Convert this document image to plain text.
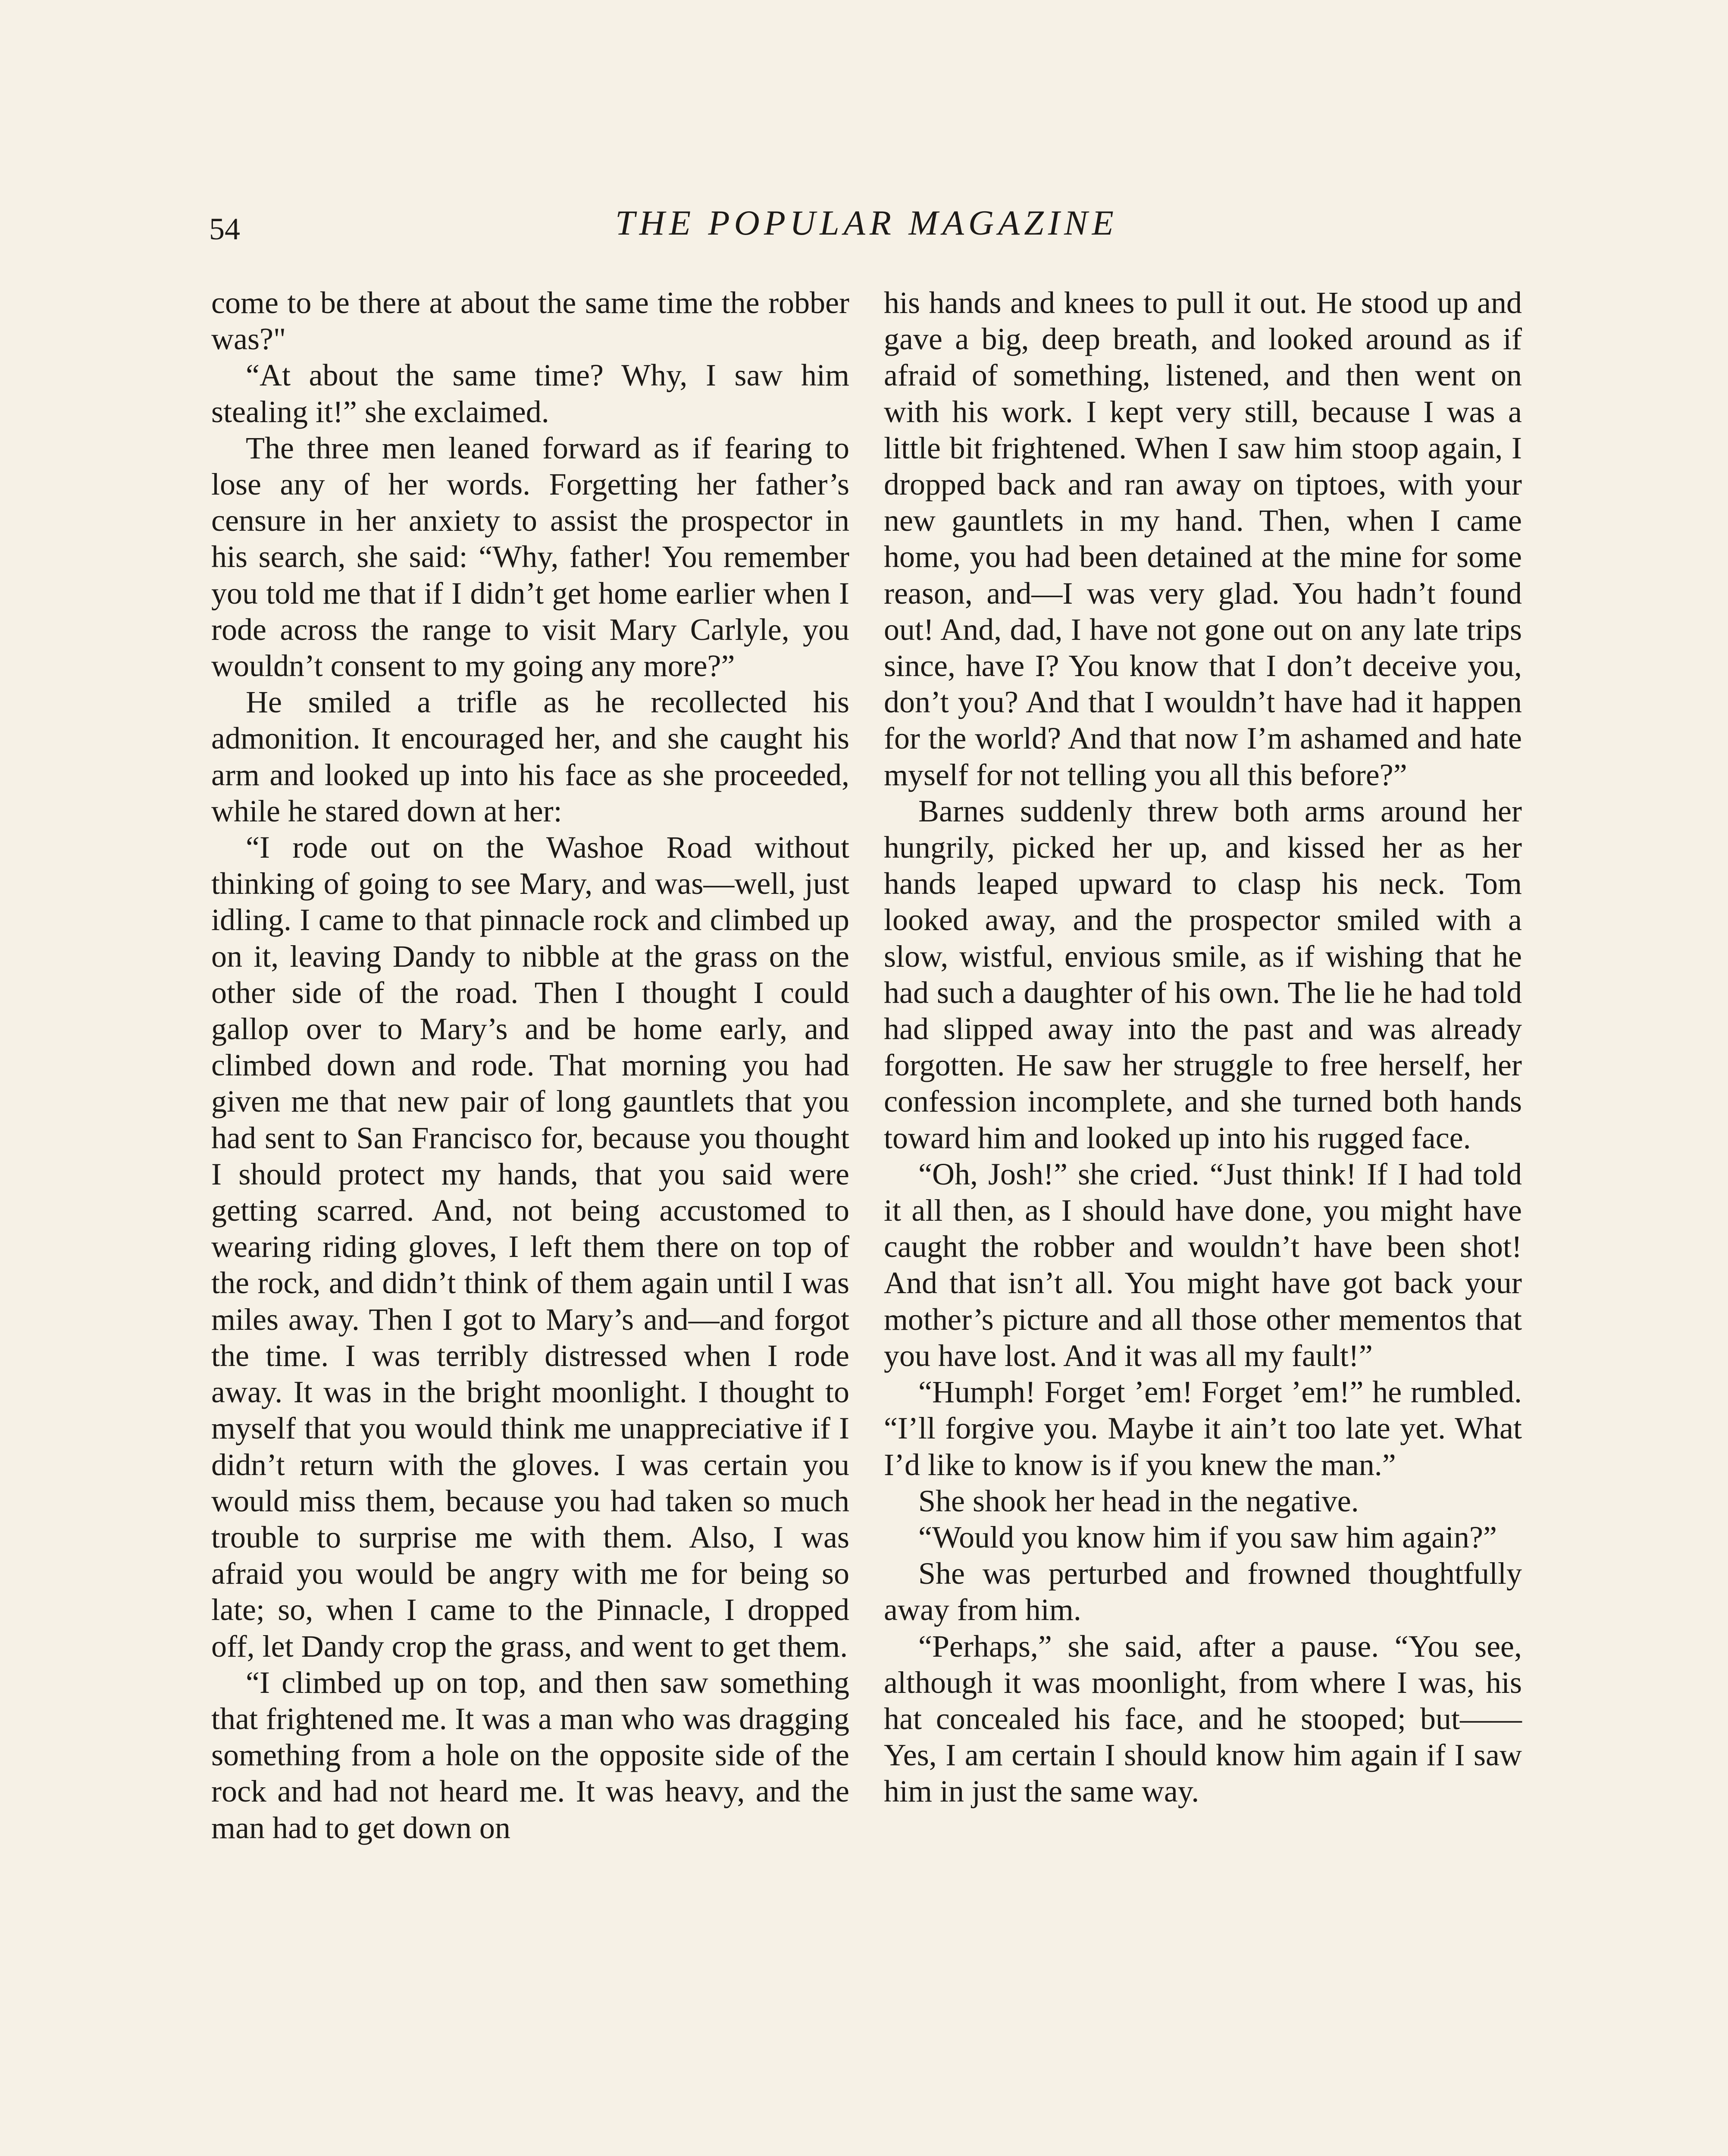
54	THE POPULAR MAGAZINE

come to be there at about the same time the robber was?"

“At about the same time? Why, I saw him stealing it!” she exclaimed.

The three men leaned forward as if fearing to lose any of her words. Forgetting her father’s censure in her anxiety to assist the prospector in his search, she said: “Why, father! You remember you told me that if I didn’t get home earlier when I rode across the range to visit Mary Carlyle, you wouldn’t consent to my going any more?”

He smiled a trifle as he recollected his admonition. It encouraged her, and she caught his arm and looked up into his face as she proceeded, while he stared down at her:

“I rode out on the Washoe Road without thinking of going to see Mary, and was—well, just idling. I came to that pinnacle rock and climbed up on it, leaving Dandy to nibble at the grass on the other side of the road. Then I thought I could gallop over to Mary’s and be home early, and climbed down and rode. That morning you had given me that new pair of long gauntlets that you had sent to San Francisco for, because you thought I should protect my hands, that you said were getting scarred. And, not being accustomed to wearing riding gloves, I left them there on top of the rock, and didn’t think of them again until I was miles away. Then I got to Mary’s and—and forgot the time. I was terribly distressed when I rode away. It was in the bright moonlight. I thought to myself that you would think me unappreciative if I didn’t return with the gloves. I was certain you would miss them, because you had taken so much trouble to surprise me with them. Also, I was afraid you would be angry with me for being so late; so, when I came to the Pinnacle, I dropped off, let Dandy crop the grass, and went to get them.

“I climbed up on top, and then saw something that frightened me. It was a man who was dragging something from a hole on the opposite side of the rock and had not heard me. It was heavy, and the man had to get down on

his hands and knees to pull it out. He stood up and gave a big, deep breath, and looked around as if afraid of something, listened, and then went on with his work. I kept very still, because I was a little bit frightened. When I saw him stoop again, I dropped back and ran away on tiptoes, with your new gauntlets in my hand. Then, when I came home, you had been detained at the mine for some reason, and—I was very glad. You hadn’t found out! And, dad, I have not gone out on any late trips since, have I? You know that I don’t deceive you, don’t you? And that I wouldn’t have had it happen for the world? And that now I’m ashamed and hate myself for not telling you all this before?”

Barnes suddenly threw both arms around her hungrily, picked her up, and kissed her as her hands leaped upward to clasp his neck. Tom looked away, and the prospector smiled with a slow, wistful, envious smile, as if wishing that he had such a daughter of his own. The lie he had told had slipped away into the past and was already forgotten. He saw her struggle to free herself, her confession incomplete, and she turned both hands toward him and looked up into his rugged face.

“Oh, Josh!” she cried. “Just think! If I had told it all then, as I should have done, you might have caught the robber and wouldn’t have been shot! And that isn’t all. You might have got back your mother’s picture and all those other mementos that you have lost. And it was all my fault!”

“Humph! Forget ’em! Forget ’em!” he rumbled. “I’ll forgive you. Maybe it ain’t too late yet. What I’d like to know is if you knew the man.”

She shook her head in the negative.

“Would you know him if you saw him again?”

She was perturbed and frowned thoughtfully away from him.

“Perhaps,” she said, after a pause. “You see, although it was moonlight, from where I was, his hat concealed his face, and he stooped; but—— Yes, I am certain I should know him again if I saw him in just the same way.
